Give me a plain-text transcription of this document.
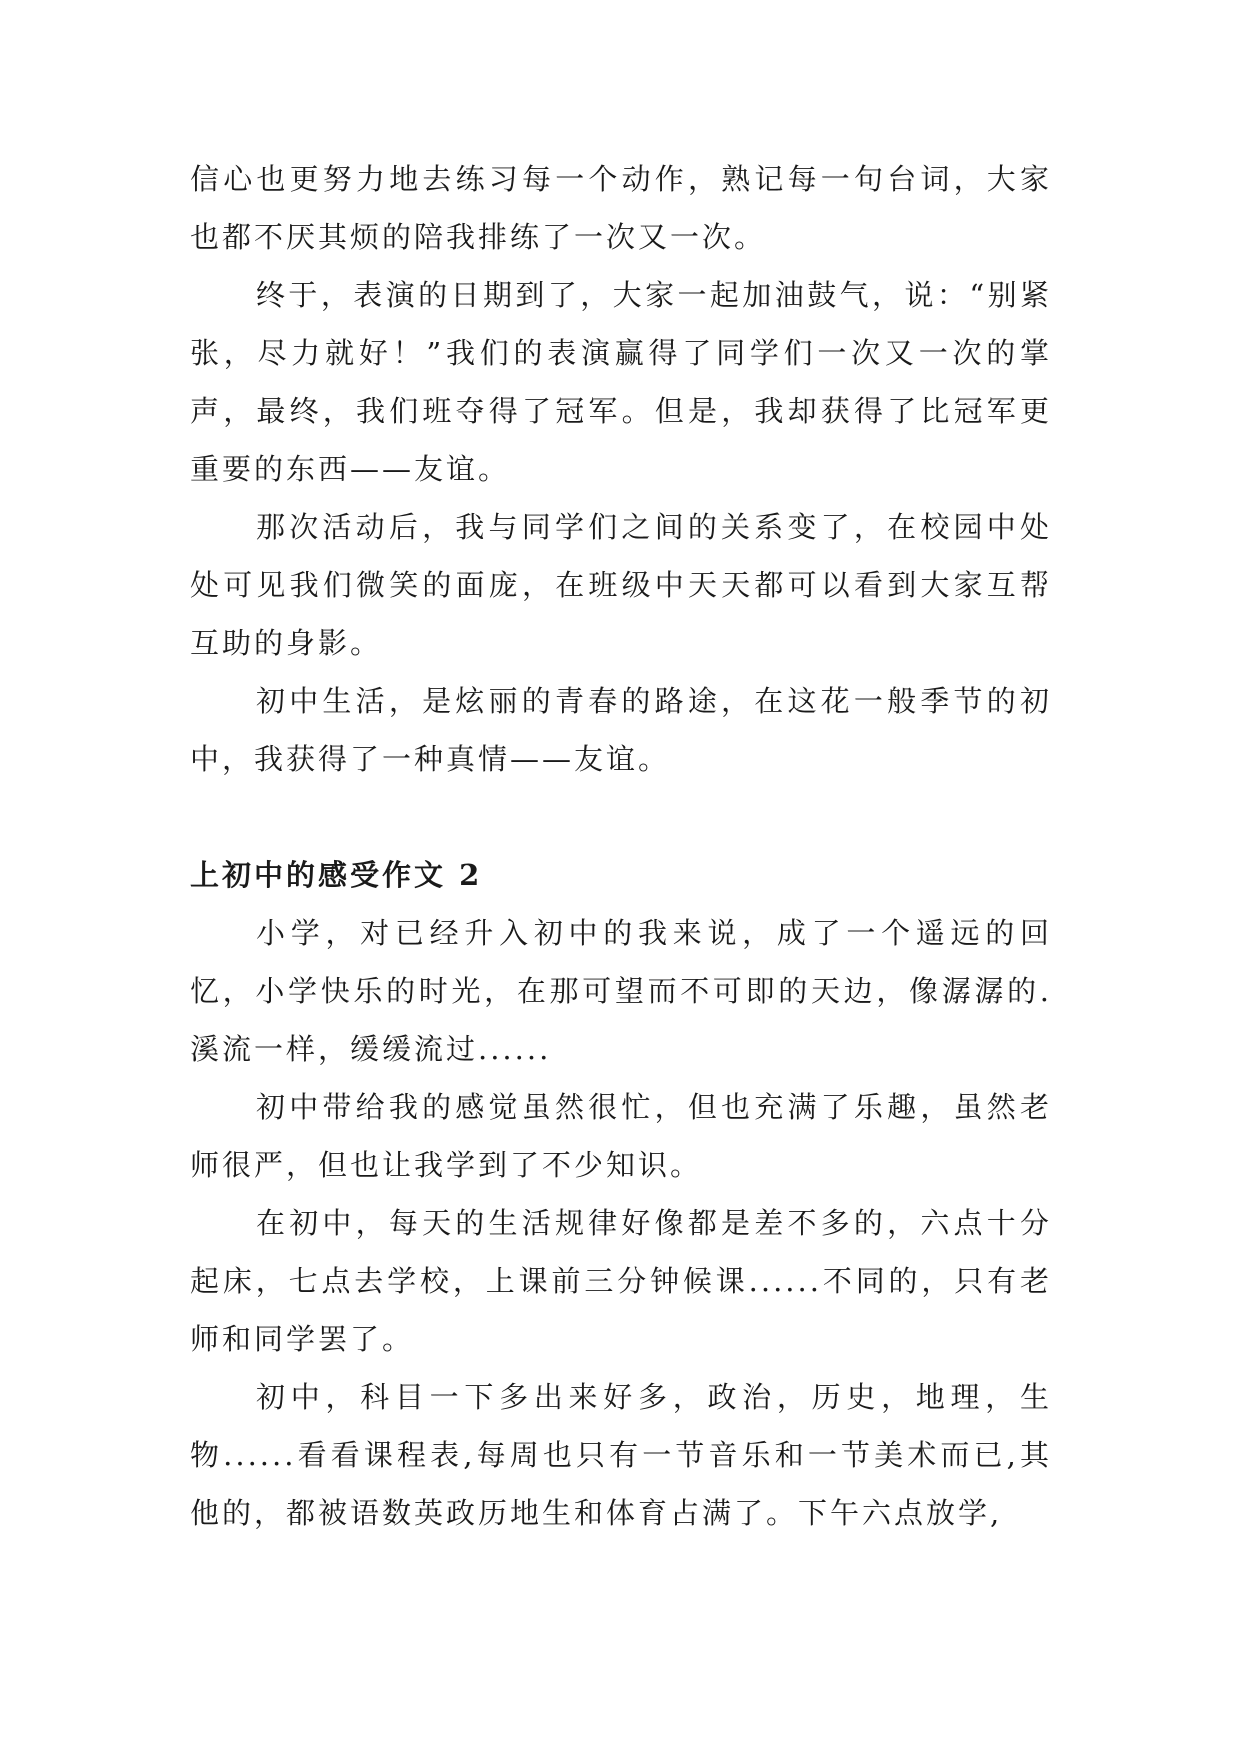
信心也更努力地去练习每一个动作，熟记每一句台词，大家也都不厌其烦的陪我排练了一次又一次。

终于，表演的日期到了，大家一起加油鼓气，说：“别紧张，尽力就好！”我们的表演赢得了同学们一次又一次的掌声，最终，我们班夺得了冠军。但是，我却获得了比冠军更重要的东西——友谊。

那次活动后，我与同学们之间的关系变了，在校园中处处可见我们微笑的面庞，在班级中天天都可以看到大家互帮互助的身影。

初中生活，是炫丽的青春的路途，在这花一般季节的初中，我获得了一种真情——友谊。

上初中的感受作文 2

小学，对已经升入初中的我来说，成了一个遥远的回忆，小学快乐的时光，在那可望而不可即的天边，像潺潺的.溪流一样，缓缓流过......

初中带给我的感觉虽然很忙，但也充满了乐趣，虽然老师很严，但也让我学到了不少知识。

在初中，每天的生活规律好像都是差不多的，六点十分起床，七点去学校，上课前三分钟候课......不同的，只有老师和同学罢了。

初中，科目一下多出来好多，政治，历史，地理，生物......看看课程表,每周也只有一节音乐和一节美术而已,其他的，都被语数英政历地生和体育占满了。下午六点放学,
